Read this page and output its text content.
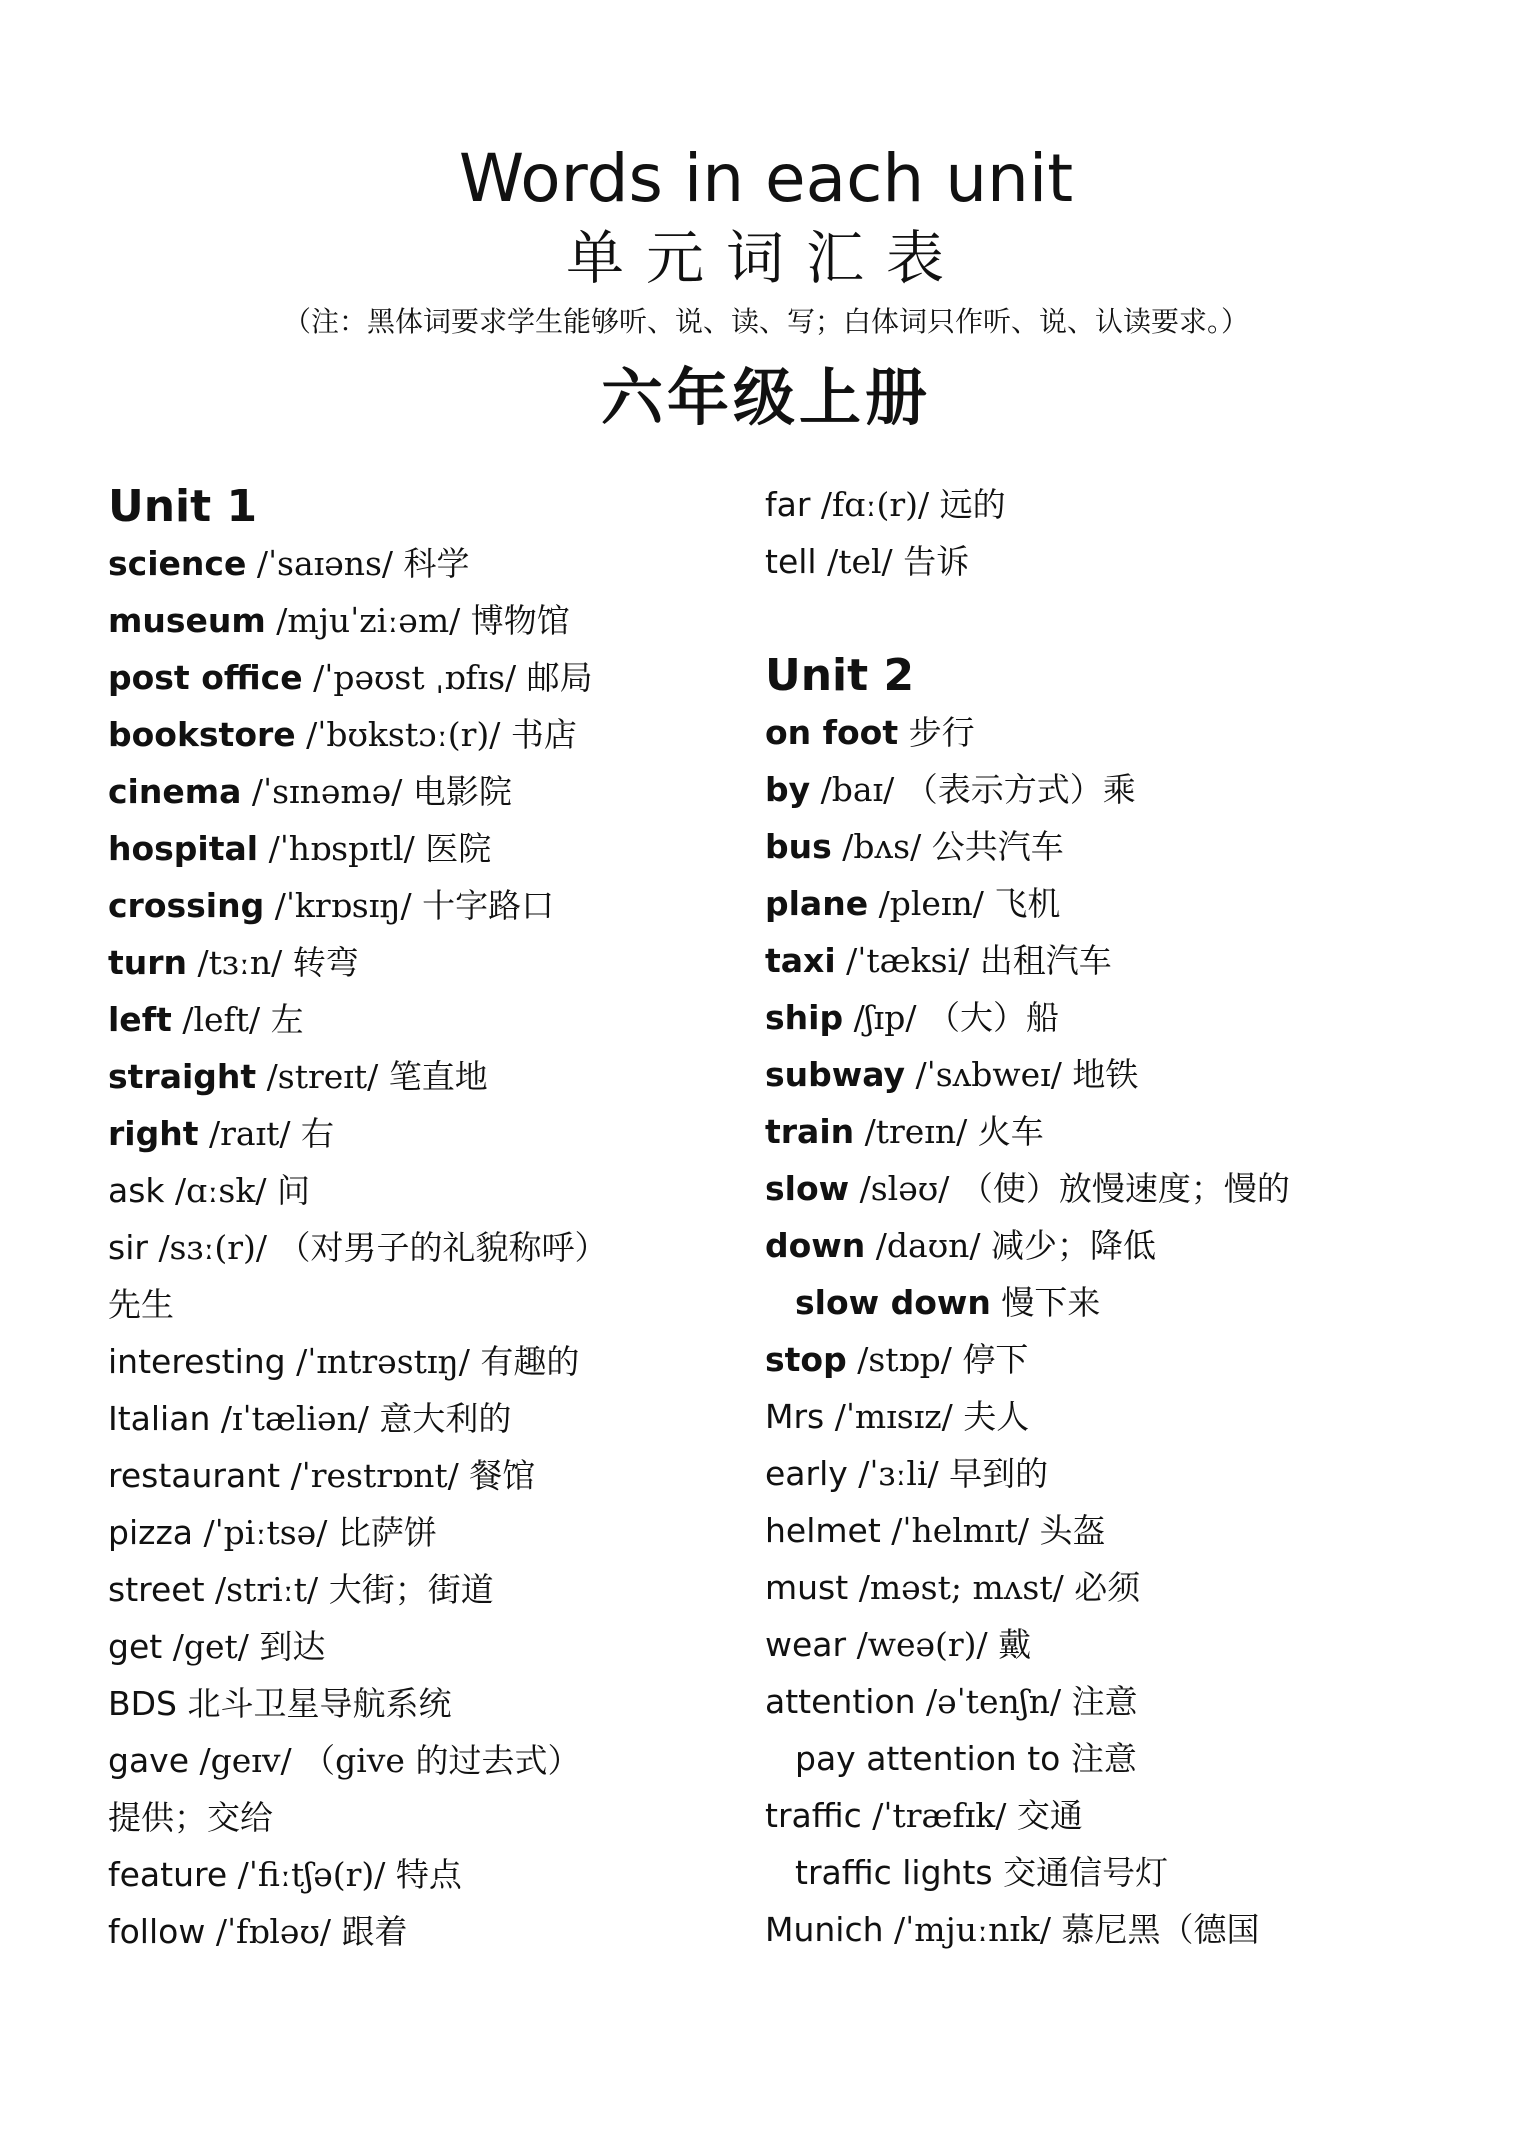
Words in each unit
单元词汇表
（注：黑体词要求学生能够听、说、读、写；白体词只作听、说、认读要求。）
六年级上册
Unit 1
science /ˈsaɪəns/ 科学
museum /mjuˈziːəm/ 博物馆
post office /ˈpəʊst ˌɒfɪs/ 邮局
bookstore /ˈbʊkstɔː(r)/ 书店
cinema /ˈsɪnəmə/ 电影院
hospital /ˈhɒspɪtl/ 医院
crossing /ˈkrɒsɪŋ/ 十字路口
turn /tɜːn/ 转弯
left /left/ 左
straight /streɪt/ 笔直地
right /raɪt/ 右
ask /ɑːsk/ 问
sir /sɜː(r)/ （对男子的礼貌称呼）
先生
interesting /ˈɪntrəstɪŋ/ 有趣的
Italian /ɪˈtæliən/ 意大利的
restaurant /ˈrestrɒnt/ 餐馆
pizza /ˈpiːtsə/ 比萨饼
street /striːt/ 大街；街道
get /get/ 到达
BDS 北斗卫星导航系统
gave /geɪv/ （give 的过去式）
提供；交给
feature /ˈfiːtʃə(r)/ 特点
follow /ˈfɒləʊ/ 跟着
far /fɑː(r)/ 远的
tell /tel/ 告诉
Unit 2
on foot 步行
by /baɪ/ （表示方式）乘
bus /bʌs/ 公共汽车
plane /pleɪn/ 飞机
taxi /ˈtæksi/ 出租汽车
ship /ʃɪp/ （大）船
subway /ˈsʌbweɪ/ 地铁
train /treɪn/ 火车
slow /sləʊ/ （使）放慢速度；慢的
down /daʊn/ 减少；降低
slow down 慢下来
stop /stɒp/ 停下
Mrs /ˈmɪsɪz/ 夫人
early /ˈɜːli/ 早到的
helmet /ˈhelmɪt/ 头盔
must /məst; mʌst/ 必须
wear /weə(r)/ 戴
attention /əˈtenʃn/ 注意
pay attention to 注意
traffic /ˈtræfɪk/ 交通
traffic lights 交通信号灯
Munich /ˈmjuːnɪk/ 慕尼黑（德国
